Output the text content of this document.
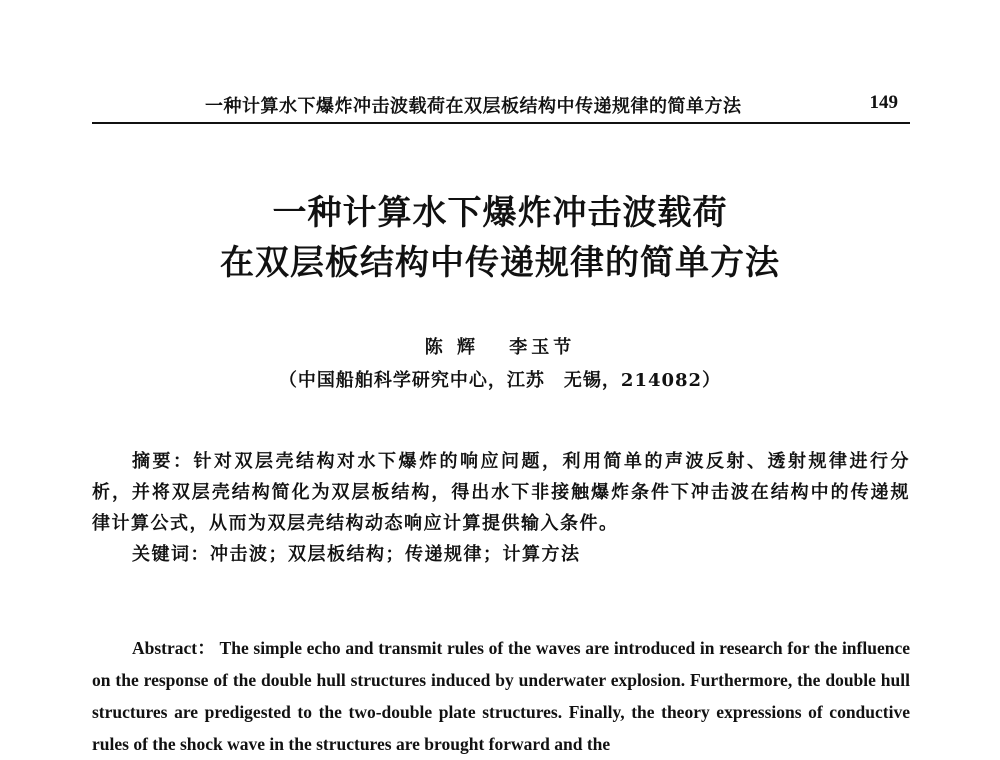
一种计算水下爆炸冲击波载荷在双层板结构中传递规律的简单方法	149
一种计算水下爆炸冲击波载荷
在双层板结构中传递规律的简单方法
陈 辉 李玉节
（中国船舶科学研究中心，江苏　无锡，214082）
摘要：针对双层壳结构对水下爆炸的响应问题，利用简单的声波反射、透射规律进行分析，并将双层壳结构简化为双层板结构，得出水下非接触爆炸条件下冲击波在结构中的传递规律计算公式，从而为双层壳结构动态响应计算提供输入条件。
关键词：冲击波；双层板结构；传递规律；计算方法
Abstract： The simple echo and transmit rules of the waves are introduced in research for the influence on the response of the double hull structures induced by underwater explosion. Furthermore, the double hull structures are predigested to the two-double plate structures. Finally, the theory expressions of conductive rules of the shock wave in the structures are brought forward and the
